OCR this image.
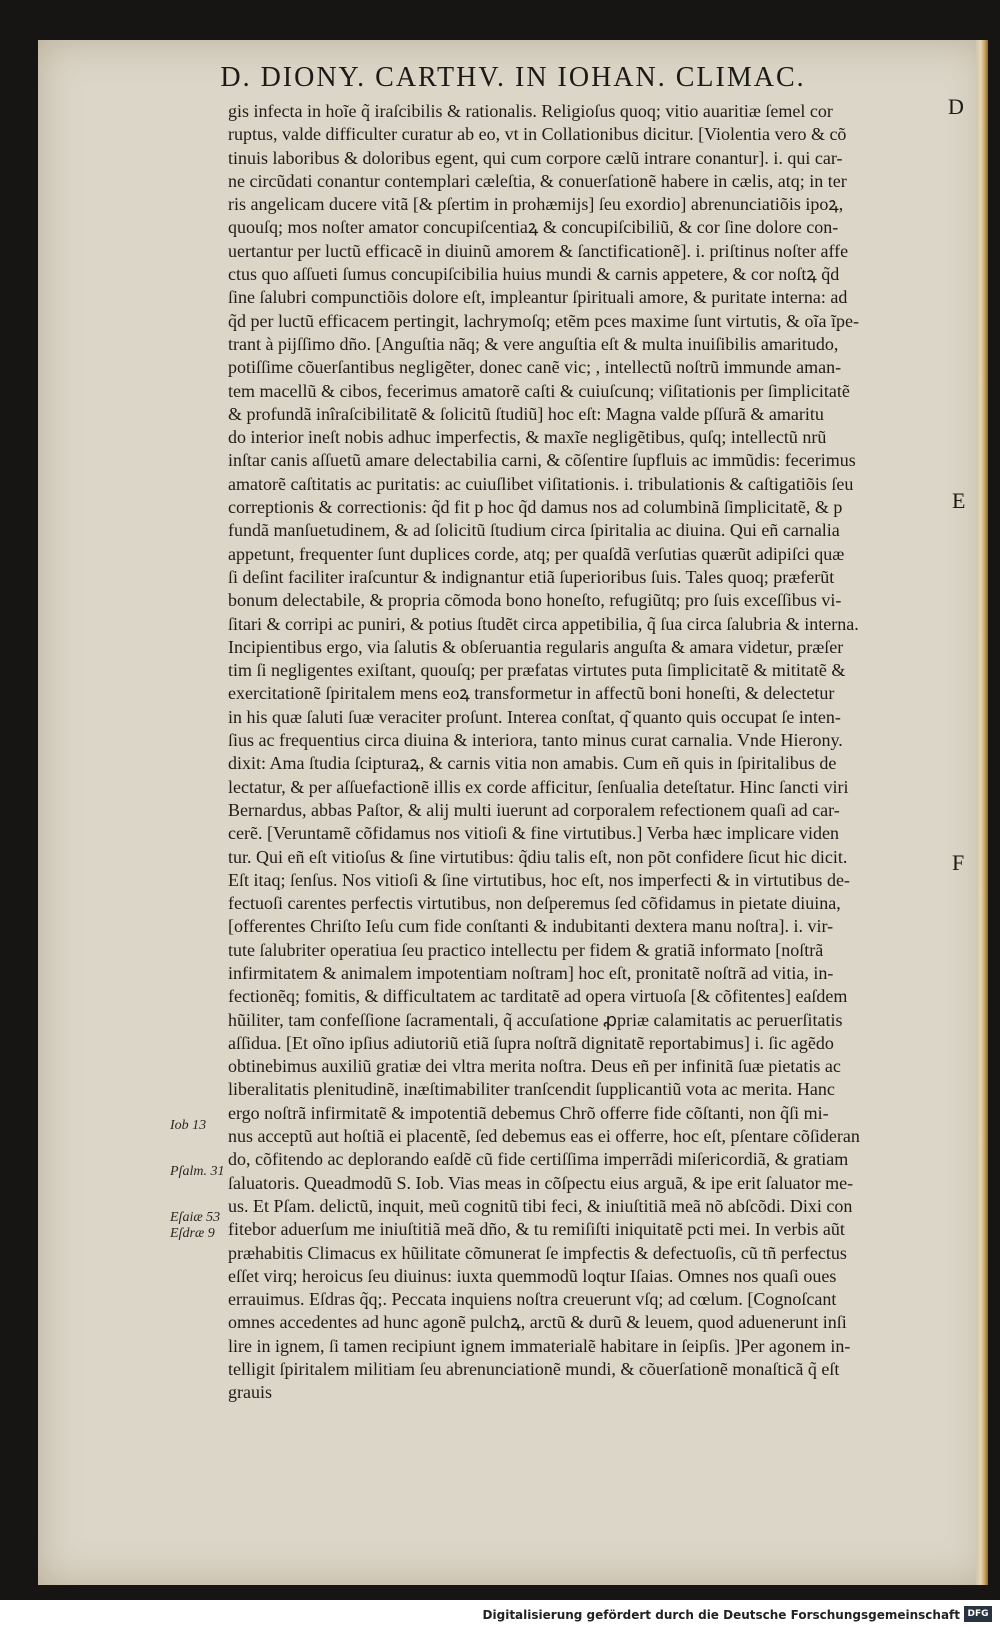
D. DIONY. CARTHV. IN IOHAN. CLIMAC.
gis infecta in hoĩe q̃ iraſcibilis & rationalis. Religioſus quoq; vitio auaritiæ ſemel cor
ruptus, valde difficulter curatur ab eo, vt in Collationibus dicitur. [Violentia vero & cõ
tinuis laboribus & doloribus egent, qui cum corpore cælũ intrare conantur]. i. qui car-
ne circũdati conantur contemplari cæleſtia, & conuerſationẽ habere in cælis, atq; in ter
ris angelicam ducere vitã [& pſertim in prohæmijs] ſeu exordio] abrenunciatiõis ipoꝝ,
quouſq; mos noſter amator concupiſcentiaꝝ & concupiſcibiliũ, & cor ſine dolore con-
uertantur per luctũ efficacẽ in diuinũ amorem & ſanctificationẽ]. i. priſtinus noſter affe
ctus quo aſſueti ſumus concupiſcibilia huius mundi & carnis appetere, & cor noſtꝝ q̃d
ſine ſalubri compunctiõis dolore eſt, impleantur ſpirituali amore, & puritate interna: ad
q̃d per luctũ efficacem pertingit, lachrymoſq; etẽm pces maxime ſunt virtutis, & oĩa ĩpe-
trant à pijſſimo dño. [Anguſtia nãq; & vere anguſtia eſt & multa inuiſibilis amaritudo,
potiſſime cõuerſantibus negligẽter, donec canẽ vic; , intellectũ noſtrũ immunde aman-
tem macellũ & cibos, fecerimus amatorẽ caſti & cuiuſcunq; viſitationis per ſimplicitatẽ
& profundã inîraſcibilitatẽ & ſolicitũ ſtudiũ] hoc eſt: Magna valde pſſurã & amaritu
do interior ineſt nobis adhuc imperfectis, & maxĩe negligẽtibus, quſq; intellectũ nrũ
inſtar canis aſſuetũ amare delectabilia carni, & cõſentire ſupfluis ac immũdis: fecerimus
amatorẽ caſtitatis ac puritatis: ac cuiuſlibet viſitationis. i. tribulationis & caſtigatiõis ſeu
correptionis & correctionis: q̃d fit p hoc q̃d damus nos ad columbinã ſimplicitatẽ, & p
fundã manſuetudinem, & ad ſolicitũ ſtudium circa ſpiritalia ac diuina. Qui eñ carnalia
appetunt, frequenter ſunt duplices corde, atq; per quaſdã verſutias quærũt adipiſci quæ
ſi deſint faciliter iraſcuntur & indignantur etiã ſuperioribus ſuis. Tales quoq; præferũt
bonum delectabile, & propria cõmoda bono honeſto, refugiũtq; pro ſuis exceſſibus vi-
ſitari & corripi ac puniri, & potius ſtudẽt circa appetibilia, q̃ ſua circa ſalubria & interna.
Incipientibus ergo, via ſalutis & obſeruantia regularis anguſta & amara videtur, præſer
tim ſi negligentes exiſtant, quouſq; per præfatas virtutes puta ſimplicitatẽ & mititatẽ &
exercitationẽ ſpiritalem mens eoꝝ transformetur in affectũ boni honeſti, & delectetur
in his quæ ſaluti ſuæ veraciter proſunt. Interea conſtat, q͂ quanto quis occupat ſe inten-
ſius ac frequentius circa diuina & interiora, tanto minus curat carnalia. Vnde Hierony.
dixit: Ama ſtudia ſcipturaꝝ, & carnis vitia non amabis. Cum eñ quis in ſpiritalibus de
lectatur, & per aſſuefactionẽ illis ex corde afficitur, ſenſualia deteſtatur. Hinc ſancti viri
Bernardus, abbas Paſtor, & alij multi iuerunt ad corporalem refectionem quaſi ad car-
cerẽ. [Veruntamẽ cõfidamus nos vitioſi & fine virtutibus.] Verba hæc implicare viden
tur. Qui eñ eſt vitioſus & ſine virtutibus: q̃diu talis eſt, non põt confidere ſicut hic dicit.
Eſt itaq; ſenſus. Nos vitioſi & ſine virtutibus, hoc eſt, nos imperfecti & in virtutibus de-
fectuoſi carentes perfectis virtutibus, non deſperemus ſed cõfidamus in pietate diuina,
[offerentes Chriſto Ieſu cum fide conſtanti & indubitanti dextera manu noſtra]. i. vir-
tute ſalubriter operatiua ſeu practico intellectu per fidem & gratiã informato [noſtrã
infirmitatem & animalem impotentiam noſtram] hoc eſt, pronitatẽ noſtrã ad vitia, in-
fectionẽq; fomitis, & difficultatem ac tarditatẽ ad opera virtuoſa [& cõfitentes] eaſdem
hũiliter, tam confeſſione ſacramentali, q̃ accuſatione ꝓpriæ calamitatis ac peruerſitatis
aſſidua. [Et oĩno ipſius adiutoriũ etiã ſupra noſtrã dignitatẽ reportabimus] i. ſic agẽdo
obtinebimus auxiliũ gratiæ dei vltra merita noſtra. Deus eñ per infinitã ſuæ pietatis ac
liberalitatis plenitudinẽ, inæſtimabiliter tranſcendit ſupplicantiũ vota ac merita. Hanc
ergo noſtrã infirmitatẽ & impotentiã debemus Chrõ offerre fide cõſtanti, non q̃ſi mi-
nus acceptũ aut hoſtiã ei placentẽ, ſed debemus eas ei offerre, hoc eſt, pſentare cõſideran
do, cõfitendo ac deplorando eaſdẽ cũ fide certiſſima imperrãdi miſericordiã, & gratiam
ſaluatoris. Queadmodũ S. Iob. Vias meas in cõſpectu eius arguã, & ipe erit ſaluator me-
us. Et Pſam. delictũ, inquit, meũ cognitũ tibi feci, & iniuſtitiã meã nõ abſcõdi. Dixi con
fitebor aduerſum me iniuſtitiã meã dño, & tu remiſiſti iniquitatẽ pcti mei. In verbis aũt
præhabitis Climacus ex hũilitate cõmunerat ſe impfectis & defectuoſis, cũ tñ perfectus
eſſet virq; heroicus ſeu diuinus: iuxta quemmodũ loqtur Iſaias. Omnes nos quaſi oues
errauimus. Eſdras q̃q;. Peccata inquiens noſtra creuerunt vſq; ad cœlum. [Cognoſcant
omnes accedentes ad hunc agonẽ pulchꝝ, arctũ & durũ & leuem, quod aduenerunt inſi
lire in ignem, ſi tamen recipiunt ignem immaterialẽ habitare in ſeipſis. ]Per agonem in-
telligit ſpiritalem militiam ſeu abrenunciationẽ mundi, & cõuerſationẽ monaſticã q̃ eſt
grauis
D
E
F
Iob 13
Pſalm. 31
Eſaiæ 53
Eſdræ 9
Digitalisierung gefördert durch die Deutsche Forschungsgemeinschaft DFG
